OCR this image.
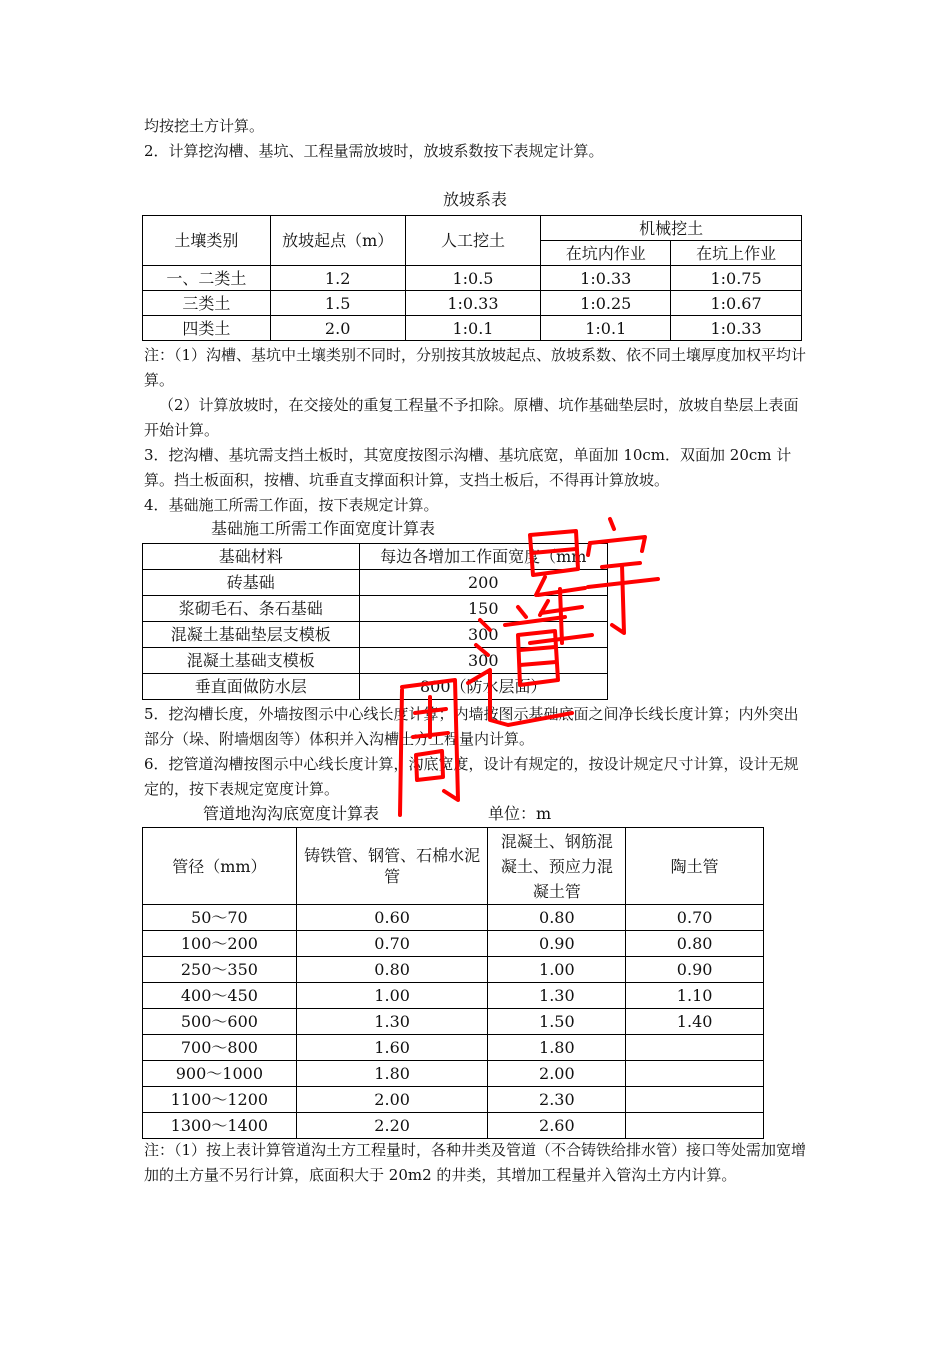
均按挖土方计算。

2．计算挖沟槽、基坑、工程量需放坡时，放坡系数按下表规定计算。

放坡系表

土壤类别	放坡起点（m）	人工挖土	机械挖土	
			在坑内作业	在坑上作业
一、二类土	1.2	1:0.5	1:0.33	1:0.75
三类土	1.5	1:0.33	1:0.25	1:0.67
四类土	2.0	1:0.1	1:0.1	1:0.33

注：（1）沟槽、基坑中土壤类别不同时，分别按其放坡起点、放坡系数、依不同土壤厚度加权平均计算。

（2）计算放坡时，在交接处的重复工程量不予扣除。原槽、坑作基础垫层时，放坡自垫层上表面开始计算。

3．挖沟槽、基坑需支挡土板时，其宽度按图示沟槽、基坑底宽，单面加 10cm．双面加 20cm 计算。挡土板面积，按槽、坑垂直支撑面积计算，支挡土板后，不得再计算放坡。

4．基础施工所需工作面，按下表规定计算。

基础施工所需工作面宽度计算表

基础材料	每边各增加工作面宽度（mm
砖基础	200
浆砌毛石、条石基础	150
混凝土基础垫层支模板	300
混凝土基础支模板	300
垂直面做防水层	800（防水层面）

5．挖沟槽长度，外墙按图示中心线长度计算；内墙按图示基础底面之间净长线长度计算；内外突出部分（垛、附墙烟囱等）体积并入沟槽土方工程量内计算。

6．挖管道沟槽按图示中心线长度计算，沟底宽度，设计有规定的，按设计规定尺寸计算，设计无规定的，按下表规定宽度计算。

管道地沟沟底宽度计算表	单位：m

管径（mm）	铸铁管、钢管、石棉水泥管	混凝土、钢筋混凝土、预应力混凝土管	陶土管
50～70	0.60	0.80	0.70
100～200	0.70	0.90	0.80
250～350	0.80	1.00	0.90
400～450	1.00	1.30	1.10
500～600	1.30	1.50	1.40
700～800	1.60	1.80	
900～1000	1.80	2.00	
1100～1200	2.00	2.30	
1300～1400	2.20	2.60	

注：（1）按上表计算管道沟土方工程量时，各种井类及管道（不合铸铁给排水管）接口等处需加宽增加的土方量不另行计算，底面积大于 20m2 的井类，其增加工程量并入管沟土方内计算。
